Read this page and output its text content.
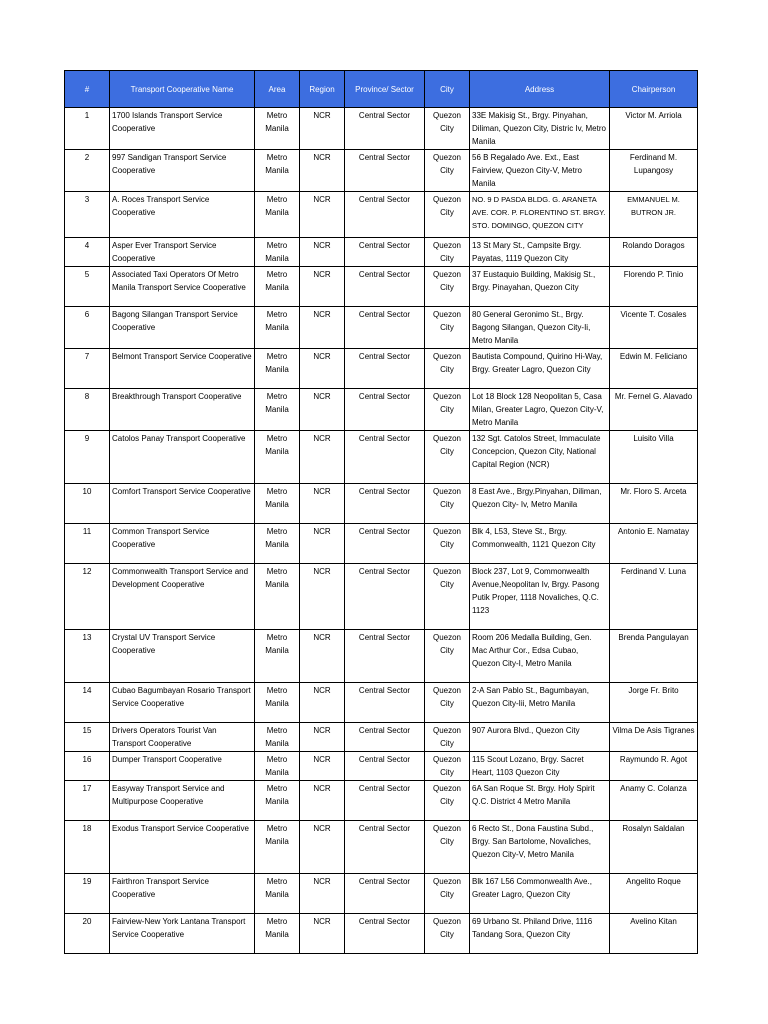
#	Transport Cooperative Name	Area	Region	Province/ Sector	City	Address	Chairperson
1	1700 Islands Transport Service Cooperative	Metro Manila	NCR	Central Sector	Quezon City	33E Makisig St., Brgy. Pinyahan, Diliman, Quezon City, Distric Iv, Metro Manila	Victor M. Arriola
2	997 Sandigan Transport Service Cooperative	Metro Manila	NCR	Central Sector	Quezon City	56 B Regalado Ave. Ext., East Fairview, Quezon City-V, Metro Manila	Ferdinand M. Lupangosy
3	A. Roces Transport Service Cooperative	Metro Manila	NCR	Central Sector	Quezon City	NO. 9 D PASDA BLDG. G. ARANETA AVE. COR. P. FLORENTINO ST. BRGY. STO. DOMINGO, QUEZON CITY	EMMANUEL M. BUTRON JR.
4	Asper Ever Transport Service Cooperative	Metro Manila	NCR	Central Sector	Quezon City	13 St Mary St., Campsite Brgy. Payatas, 1119 Quezon City	Rolando Doragos
5	Associated Taxi Operators Of Metro Manila Transport Service Cooperative	Metro Manila	NCR	Central Sector	Quezon City	37 Eustaquio Building, Makisig St., Brgy. Pinayahan, Quezon City	Florendo P. Tinio
6	Bagong Silangan Transport Service Cooperative	Metro Manila	NCR	Central Sector	Quezon City	80 General Geronimo St., Brgy. Bagong Silangan, Quezon City-Ii, Metro Manila	Vicente T. Cosales
7	Belmont Transport Service Cooperative	Metro Manila	NCR	Central Sector	Quezon City	Bautista Compound, Quirino Hi-Way, Brgy. Greater Lagro, Quezon City	Edwin M. Feliciano
8	Breakthrough Transport Cooperative	Metro Manila	NCR	Central Sector	Quezon City	Lot 18 Block 128 Neopolitan 5, Casa Milan, Greater Lagro, Quezon City-V, Metro Manila	Mr. Fernel G. Alavado
9	Catolos Panay Transport Cooperative	Metro Manila	NCR	Central Sector	Quezon City	132 Sgt. Catolos Street, Immaculate Concepcion, Quezon City, National Capital Region (NCR)	Luisito Villa
10	Comfort Transport Service Cooperative	Metro Manila	NCR	Central Sector	Quezon City	8 East Ave., Brgy.Pinyahan, Diliman, Quezon City- Iv, Metro Manila	Mr. Floro S. Arceta
11	Common Transport Service Cooperative	Metro Manila	NCR	Central Sector	Quezon City	Blk 4, L53, Steve St., Brgy. Commonwealth, 1121 Quezon City	Antonio E. Namatay
12	Commonwealth Transport Service and Development Cooperative	Metro Manila	NCR	Central Sector	Quezon City	Block 237, Lot 9, Commonwealth Avenue,Neopolitan Iv, Brgy. Pasong Putik Proper, 1118 Novaliches, Q.C. 1123	Ferdinand V. Luna
13	Crystal UV Transport Service Cooperative	Metro Manila	NCR	Central Sector	Quezon City	Room 206 Medalla Building, Gen. Mac Arthur Cor., Edsa Cubao, Quezon City-I, Metro Manila	Brenda Pangulayan
14	Cubao Bagumbayan Rosario Transport Service Cooperative	Metro Manila	NCR	Central Sector	Quezon City	2-A San Pablo St., Bagumbayan, Quezon City-Iii, Metro Manila	Jorge Fr. Brito
15	Drivers Operators Tourist Van Transport Cooperative	Metro Manila	NCR	Central Sector	Quezon City	907 Aurora Blvd., Quezon City	Vilma De Asis Tigranes
16	Dumper Transport Cooperative	Metro Manila	NCR	Central Sector	Quezon City	115 Scout Lozano, Brgy. Sacret Heart, 1103 Quezon City	Raymundo R. Agot
17	Easyway Transport Service and Multipurpose Cooperative	Metro Manila	NCR	Central Sector	Quezon City	6A San Roque St. Brgy. Holy Spirit Q.C. District 4 Metro Manila	Anamy C. Colanza
18	Exodus Transport Service Cooperative	Metro Manila	NCR	Central Sector	Quezon City	6 Recto St., Dona Faustina Subd., Brgy. San Bartolome, Novaliches, Quezon City-V, Metro Manila	Rosalyn Saldalan
19	Fairthron Transport Service Cooperative	Metro Manila	NCR	Central Sector	Quezon City	Blk 167 L56 Commonwealth Ave., Greater Lagro, Quezon City	Angelito Roque
20	Fairview-New York Lantana Transport Service Cooperative	Metro Manila	NCR	Central Sector	Quezon City	69 Urbano St. Philand Drive, 1116 Tandang Sora, Quezon City	Avelino Kitan
